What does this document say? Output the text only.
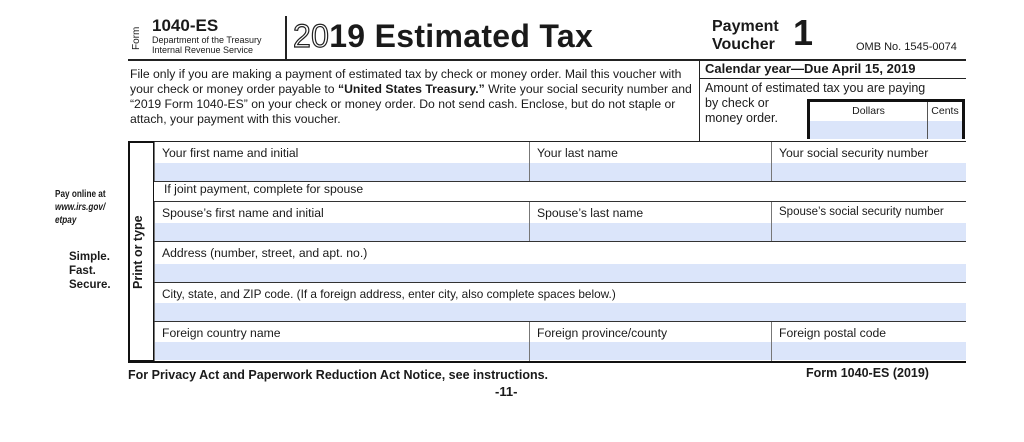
Form
1040-ES
Department of the Treasury
Internal Revenue Service 2019 Estimated Tax	Payment
Voucher 1	OMB No. 1545-0074
File only if you are making a payment of estimated tax by check or money order. Mail this voucher with your check or money order payable to “United States Treasury.” Write your social security number and “2019 Form 1040-ES” on your check or money order. Do not send cash. Enclose, but do not staple or attach, your payment with this voucher.
Calendar year—Due April 15, 2019
Amount of estimated tax you are paying
by check or
money order.	Dollars	Cents
Pay online at
www.irs.gov/
etpay
Simple.
Fast.
Secure. Print or type
Your first name and initial	Your last name	Your social security number
If joint payment, complete for spouse
Spouse’s first name and initial	Spouse’s last name	Spouse’s social security number
Address (number, street, and apt. no.)
City, state, and ZIP code. (If a foreign address, enter city, also complete spaces below.)
Foreign country name	Foreign province/county	Foreign postal code
For Privacy Act and Paperwork Reduction Act Notice, see instructions.	Form 1040-ES (2019)
-11-
